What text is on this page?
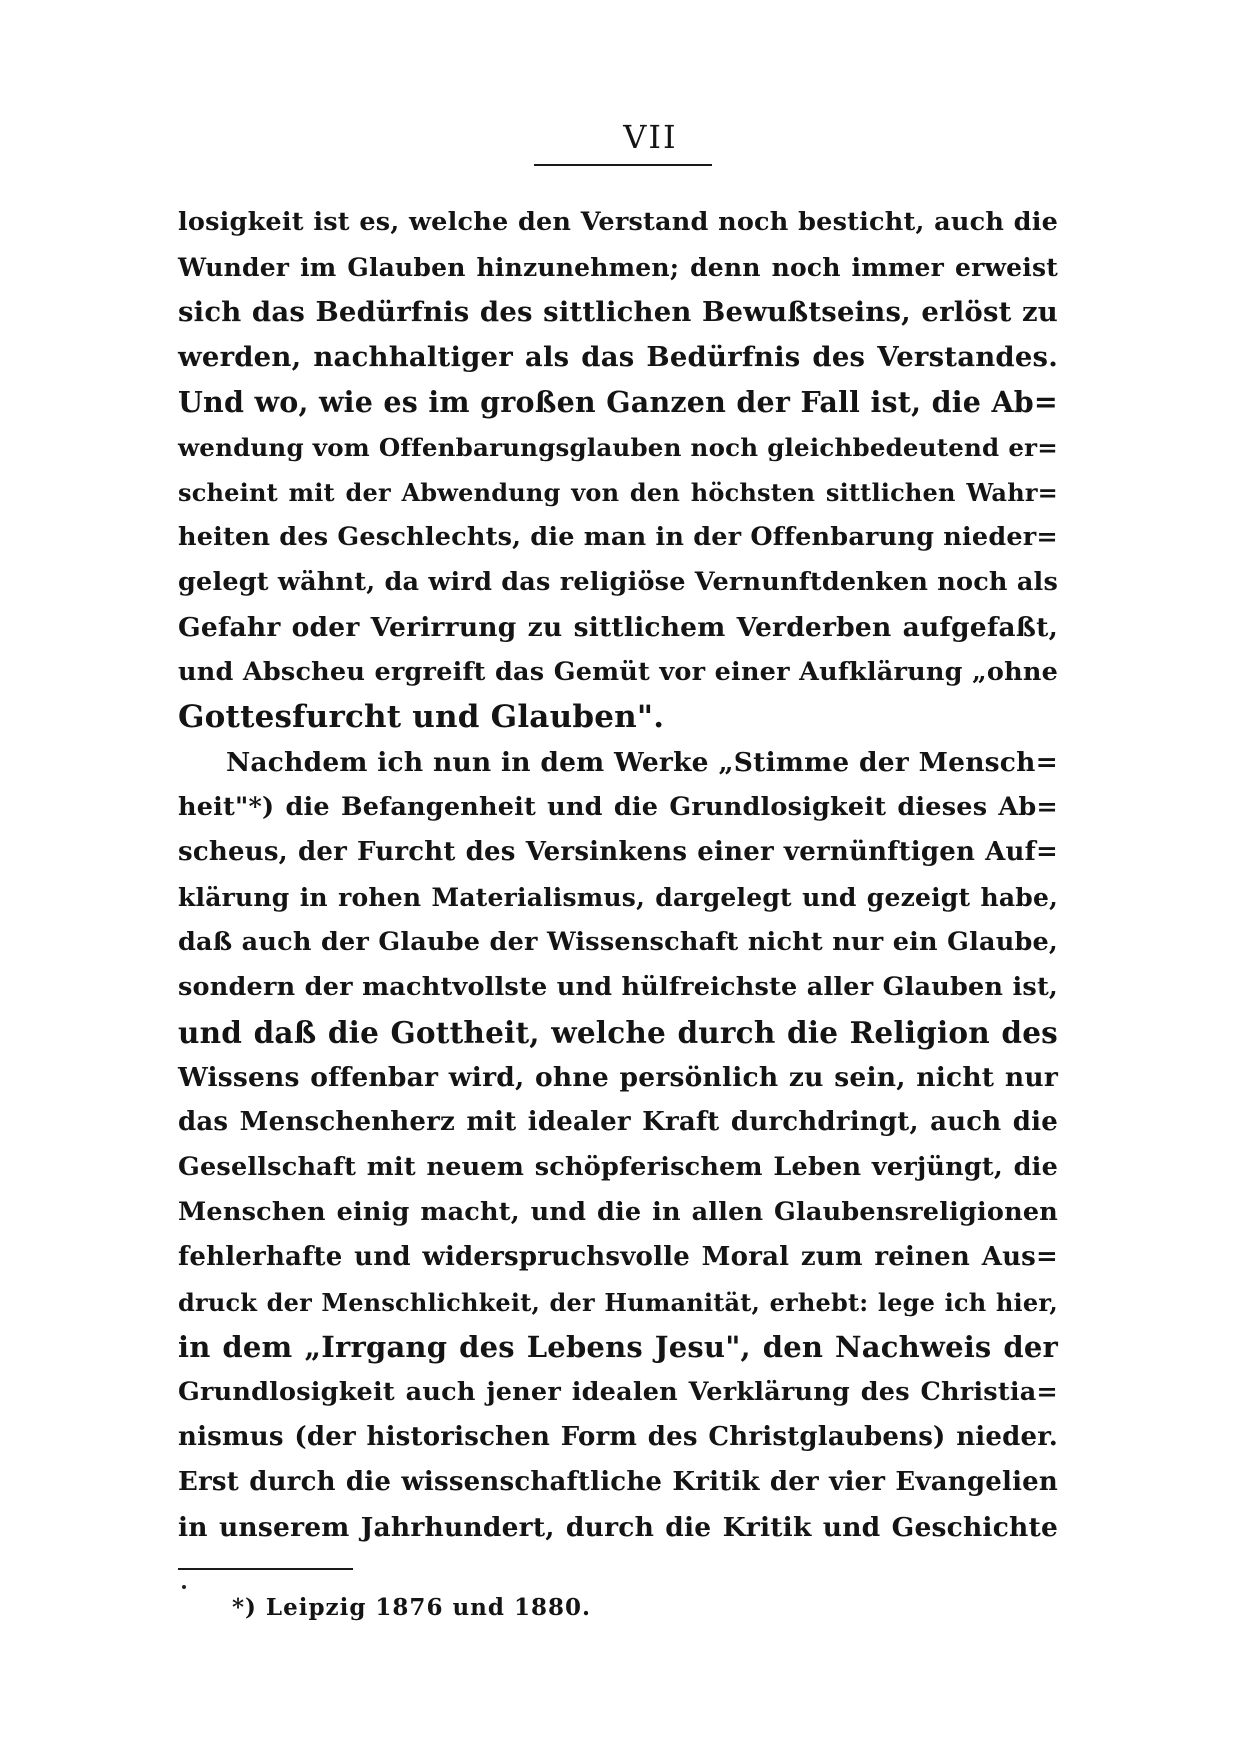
VII
losigkeit ist es, welche den Verstand noch besticht, auch die
Wunder im Glauben hinzunehmen; denn noch immer erweist
sich das Bedürfnis des sittlichen Bewußtseins, erlöst zu
werden, nachhaltiger als das Bedürfnis des Verstandes.
Und wo, wie es im großen Ganzen der Fall ist, die Ab=
wendung vom Offenbarungsglauben noch gleichbedeutend er=
scheint mit der Abwendung von den höchsten sittlichen Wahr=
heiten des Geschlechts, die man in der Offenbarung nieder=
gelegt wähnt, da wird das religiöse Vernunftdenken noch als
Gefahr oder Verirrung zu sittlichem Verderben aufgefaßt,
und Abscheu ergreift das Gemüt vor einer Aufklärung „ohne
Gottesfurcht und Glauben".
Nachdem ich nun in dem Werke „Stimme der Mensch=
heit"*) die Befangenheit und die Grundlosigkeit dieses Ab=
scheus, der Furcht des Versinkens einer vernünftigen Auf=
klärung in rohen Materialismus, dargelegt und gezeigt habe,
daß auch der Glaube der Wissenschaft nicht nur ein Glaube,
sondern der machtvollste und hülfreichste aller Glauben ist,
und daß die Gottheit, welche durch die Religion des
Wissens offenbar wird, ohne persönlich zu sein, nicht nur
das Menschenherz mit idealer Kraft durchdringt, auch die
Gesellschaft mit neuem schöpferischem Leben verjüngt, die
Menschen einig macht, und die in allen Glaubensreligionen
fehlerhafte und widerspruchsvolle Moral zum reinen Aus=
druck der Menschlichkeit, der Humanität, erhebt: lege ich hier,
in dem „Irrgang des Lebens Jesu", den Nachweis der
Grundlosigkeit auch jener idealen Verklärung des Christia=
nismus (der historischen Form des Christglaubens) nieder.
Erst durch die wissenschaftliche Kritik der vier Evangelien
in unserem Jahrhundert, durch die Kritik und Geschichte
*) Leipzig 1876 und 1880.
